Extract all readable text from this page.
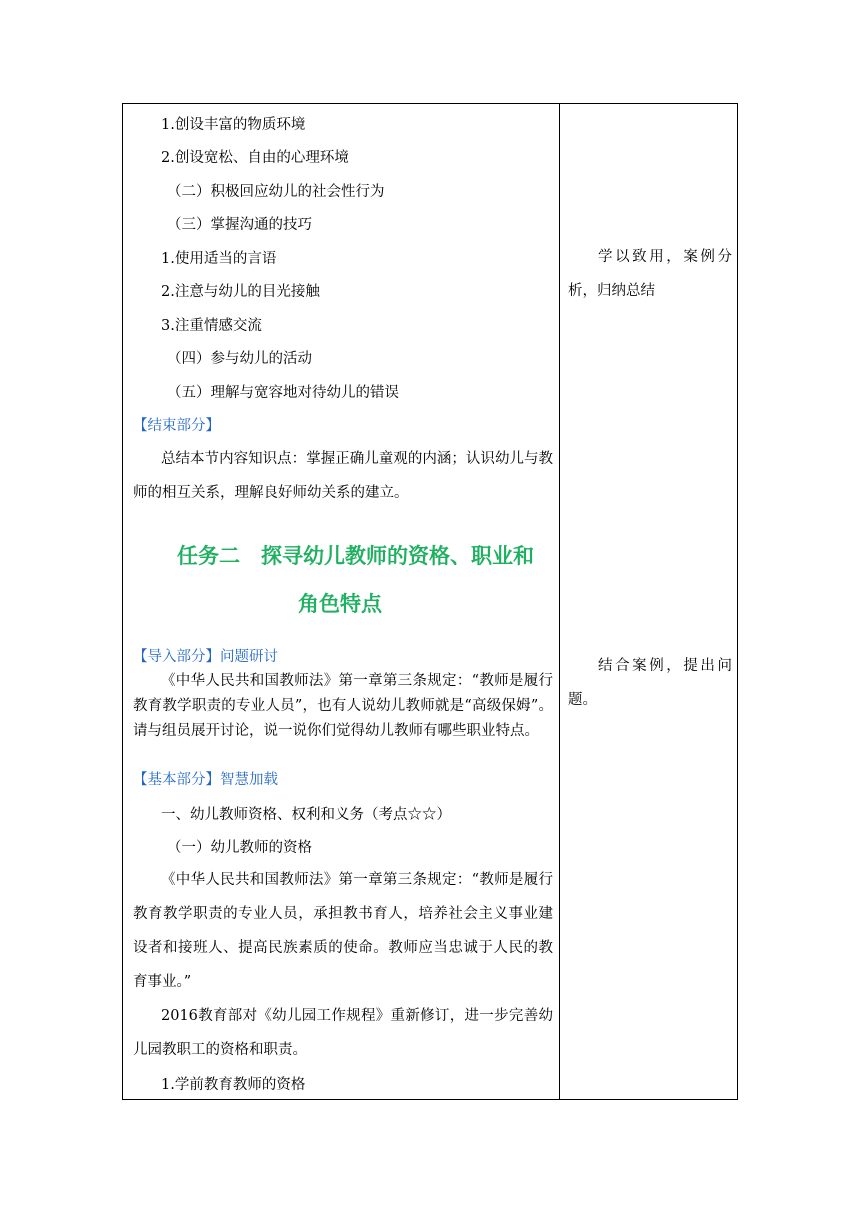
1.创设丰富的物质环境
2.创设宽松、自由的心理环境
（二）积极回应幼儿的社会性行为
（三）掌握沟通的技巧
1.使用适当的言语
2.注意与幼儿的目光接触
3.注重情感交流
（四）参与幼儿的活动
（五）理解与宽容地对待幼儿的错误
【结束部分】
总结本节内容知识点：掌握正确儿童观的内涵；认识幼儿与教师的相互关系，理解良好师幼关系的建立。
任务二　探寻幼儿教师的资格、职业和
角色特点
【导入部分】问题研讨
《中华人民共和国教师法》第一章第三条规定：“教师是履行教育教学职责的专业人员”，也有人说幼儿教师就是“高级保姆”。请与组员展开讨论，说一说你们觉得幼儿教师有哪些职业特点。
【基本部分】智慧加载
一、幼儿教师资格、权利和义务（考点☆☆）
（一）幼儿教师的资格
《中华人民共和国教师法》第一章第三条规定：“教师是履行教育教学职责的专业人员，承担教书育人，培养社会主义事业建设者和接班人、提高民族素质的使命。教师应当忠诚于人民的教育事业。”
2016教育部对《幼儿园工作规程》重新修订，进一步完善幼儿园教职工的资格和职责。
1.学前教育教师的资格
学以致用，案例分析，归纳总结
结合案例，提出问题。
